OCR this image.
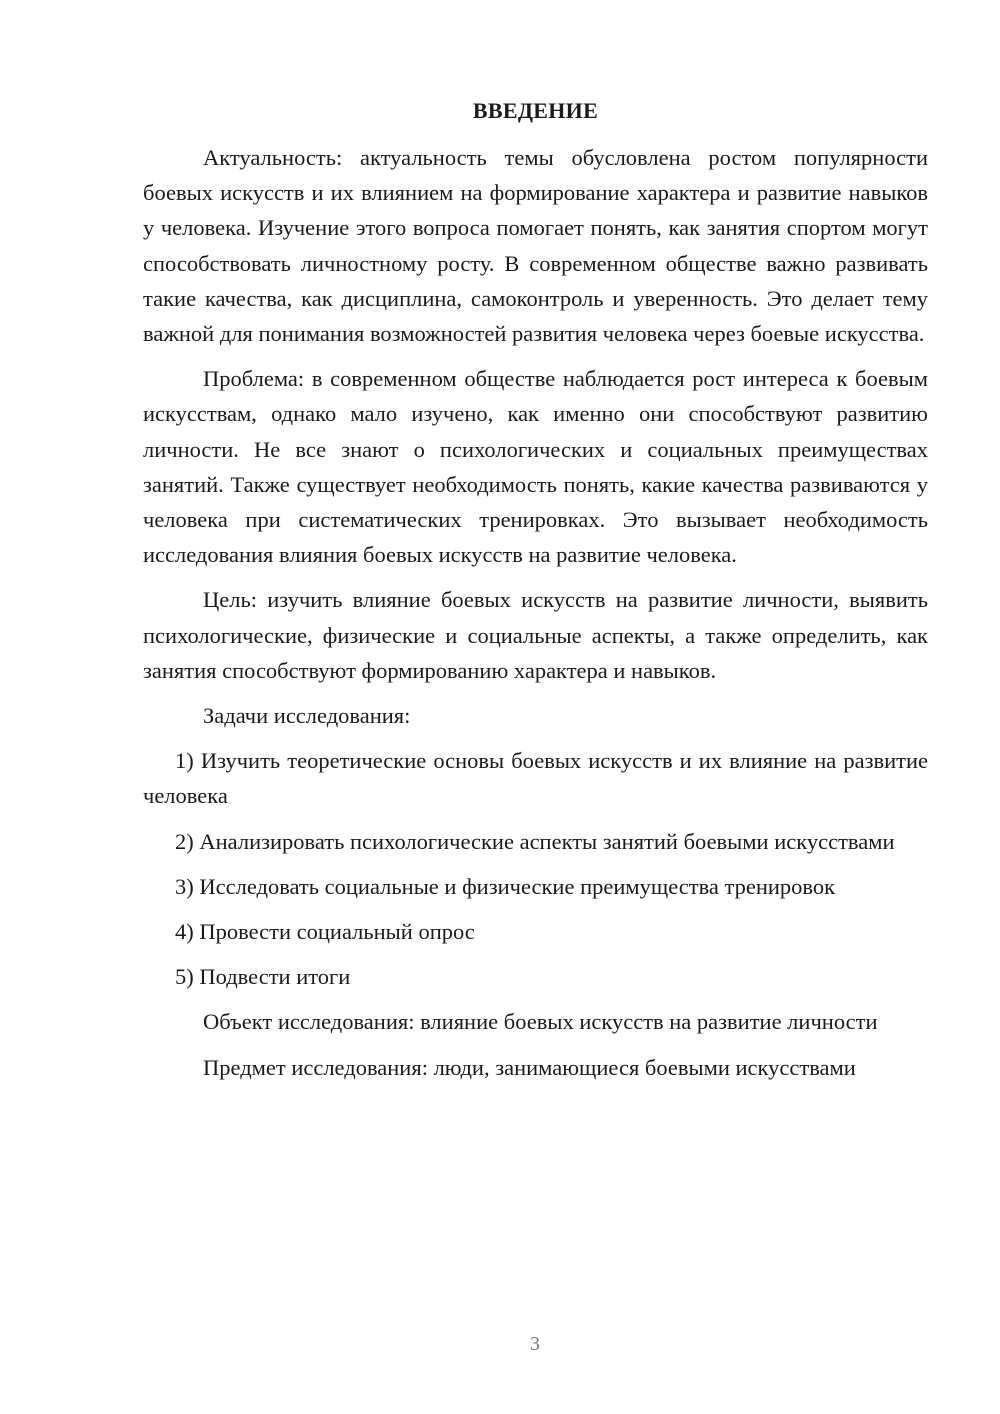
ВВЕДЕНИЕ

Актуальность: актуальность темы обусловлена ростом популярности боевых искусств и их влиянием на формирование характера и развитие навыков у человека. Изучение этого вопроса помогает понять, как занятия спортом могут способствовать личностному росту. В современном обществе важно развивать такие качества, как дисциплина, самоконтроль и уверенность. Это делает тему важной для понимания возможностей развития человека через боевые искусства.

Проблема: в современном обществе наблюдается рост интереса к боевым искусствам, однако мало изучено, как именно они способствуют развитию личности. Не все знают о психологических и социальных преимуществах занятий. Также существует необходимость понять, какие качества развиваются у человека при систематических тренировках. Это вызывает необходимость исследования влияния боевых искусств на развитие человека.

Цель: изучить влияние боевых искусств на развитие личности, выявить психологические, физические и социальные аспекты, а также определить, как занятия способствуют формированию характера и навыков.

Задачи исследования:

1) Изучить теоретические основы боевых искусств и их влияние на развитие человека

2) Анализировать психологические аспекты занятий боевыми искусствами

3) Исследовать социальные и физические преимущества тренировок

4) Провести социальный опрос

5) Подвести итоги

Объект исследования: влияние боевых искусств на развитие личности

Предмет исследования: люди, занимающиеся боевыми искусствами

3
